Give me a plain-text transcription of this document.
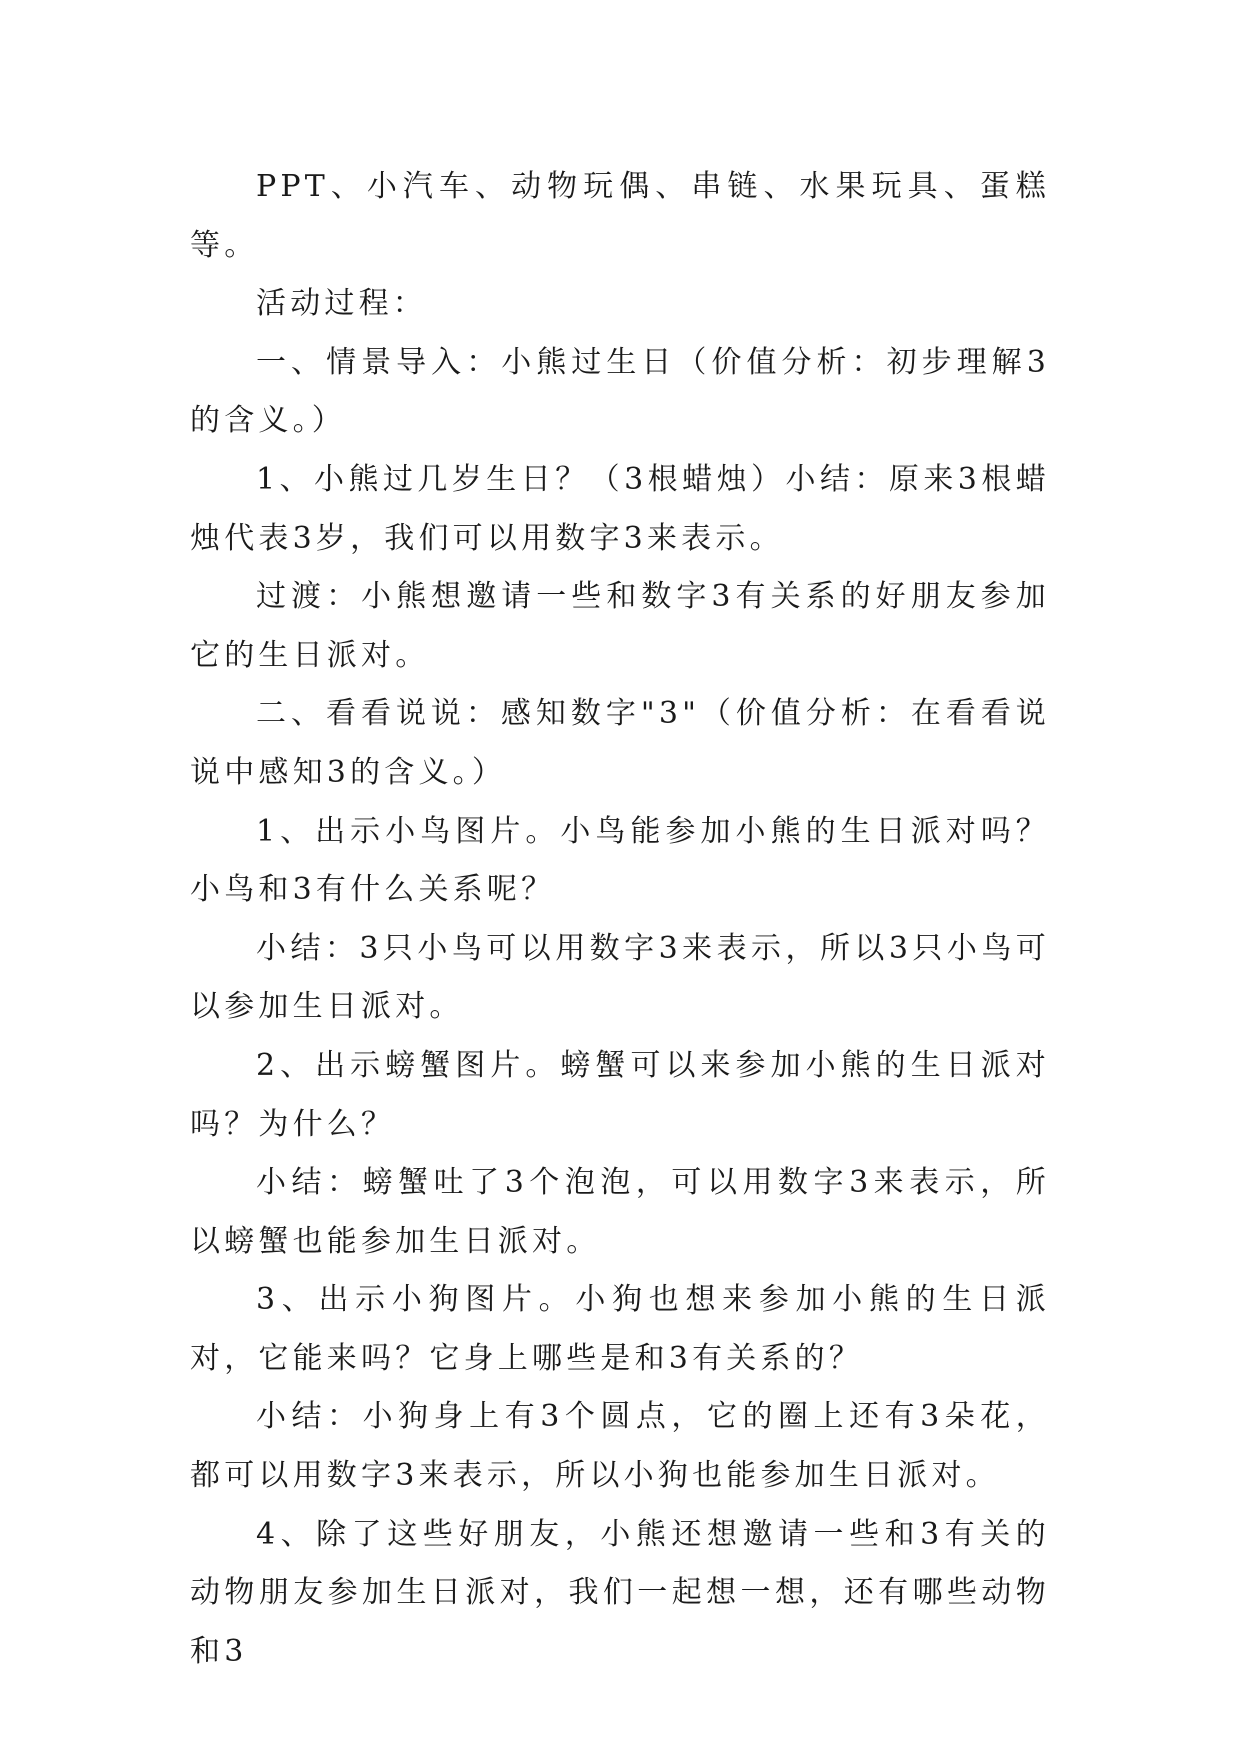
PPT、小汽车、动物玩偶、串链、水果玩具、蛋糕等。

活动过程：

一、情景导入：小熊过生日（价值分析：初步理解3的含义。）

1、小熊过几岁生日？（3根蜡烛）小结：原来3根蜡烛代表3岁，我们可以用数字3来表示。

过渡：小熊想邀请一些和数字3有关系的好朋友参加它的生日派对。

二、看看说说：感知数字"3"（价值分析：在看看说说中感知3的含义。）

1、出示小鸟图片。小鸟能参加小熊的生日派对吗？小鸟和3有什么关系呢？

小结：3只小鸟可以用数字3来表示，所以3只小鸟可以参加生日派对。

2、出示螃蟹图片。螃蟹可以来参加小熊的生日派对吗？为什么？

小结：螃蟹吐了3个泡泡，可以用数字3来表示，所以螃蟹也能参加生日派对。

3、出示小狗图片。小狗也想来参加小熊的生日派对，它能来吗？它身上哪些是和3有关系的？

小结：小狗身上有3个圆点，它的圈上还有3朵花，都可以用数字3来表示，所以小狗也能参加生日派对。

4、除了这些好朋友，小熊还想邀请一些和3有关的动物朋友参加生日派对，我们一起想一想，还有哪些动物和3
